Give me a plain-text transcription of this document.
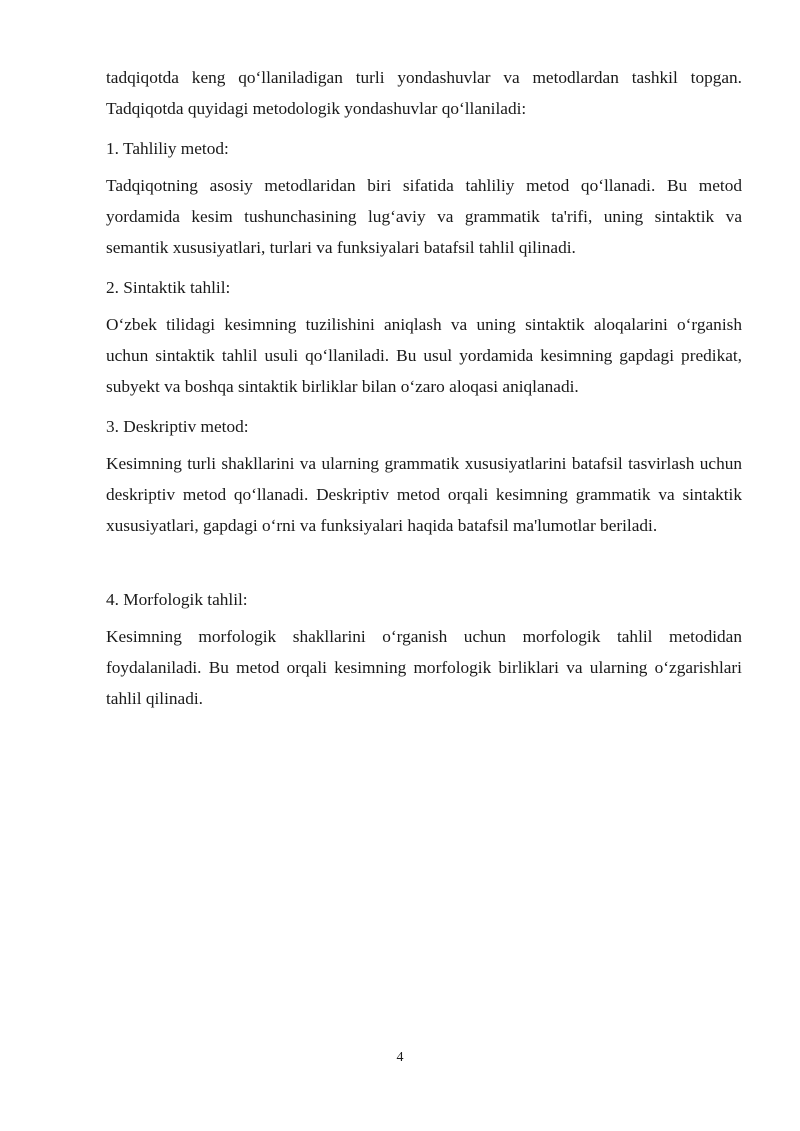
tadqiqotda keng qo‘llaniladigan turli yondashuvlar va metodlardan tashkil topgan. Tadqiqotda quyidagi metodologik yondashuvlar qo‘llaniladi:

1. Tahliliy metod:

Tadqiqotning asosiy metodlaridan biri sifatida tahliliy metod qo‘llanadi. Bu metod yordamida kesim tushunchasining lug‘aviy va grammatik ta'rifi, uning sintaktik va semantik xususiyatlari, turlari va funksiyalari batafsil tahlil qilinadi.

2. Sintaktik tahlil:

O‘zbek tilidagi kesimning tuzilishini aniqlash va uning sintaktik aloqalarini o‘rganish uchun sintaktik tahlil usuli qo‘llaniladi. Bu usul yordamida kesimning gapdagi predikat, subyekt va boshqa sintaktik birliklar bilan o‘zaro aloqasi aniqlanadi.

3. Deskriptiv metod:

Kesimning turli shakllarini va ularning grammatik xususiyatlarini batafsil tasvirlash uchun deskriptiv metod qo‘llanadi. Deskriptiv metod orqali kesimning grammatik va sintaktik xususiyatlari, gapdagi o‘rni va funksiyalari haqida batafsil ma'lumotlar beriladi.

4. Morfologik tahlil:

Kesimning morfologik shakllarini o‘rganish uchun morfologik tahlil metodidan foydalaniladi. Bu metod orqali kesimning morfologik birliklari va ularning o‘zgarishlari tahlil qilinadi.

4
